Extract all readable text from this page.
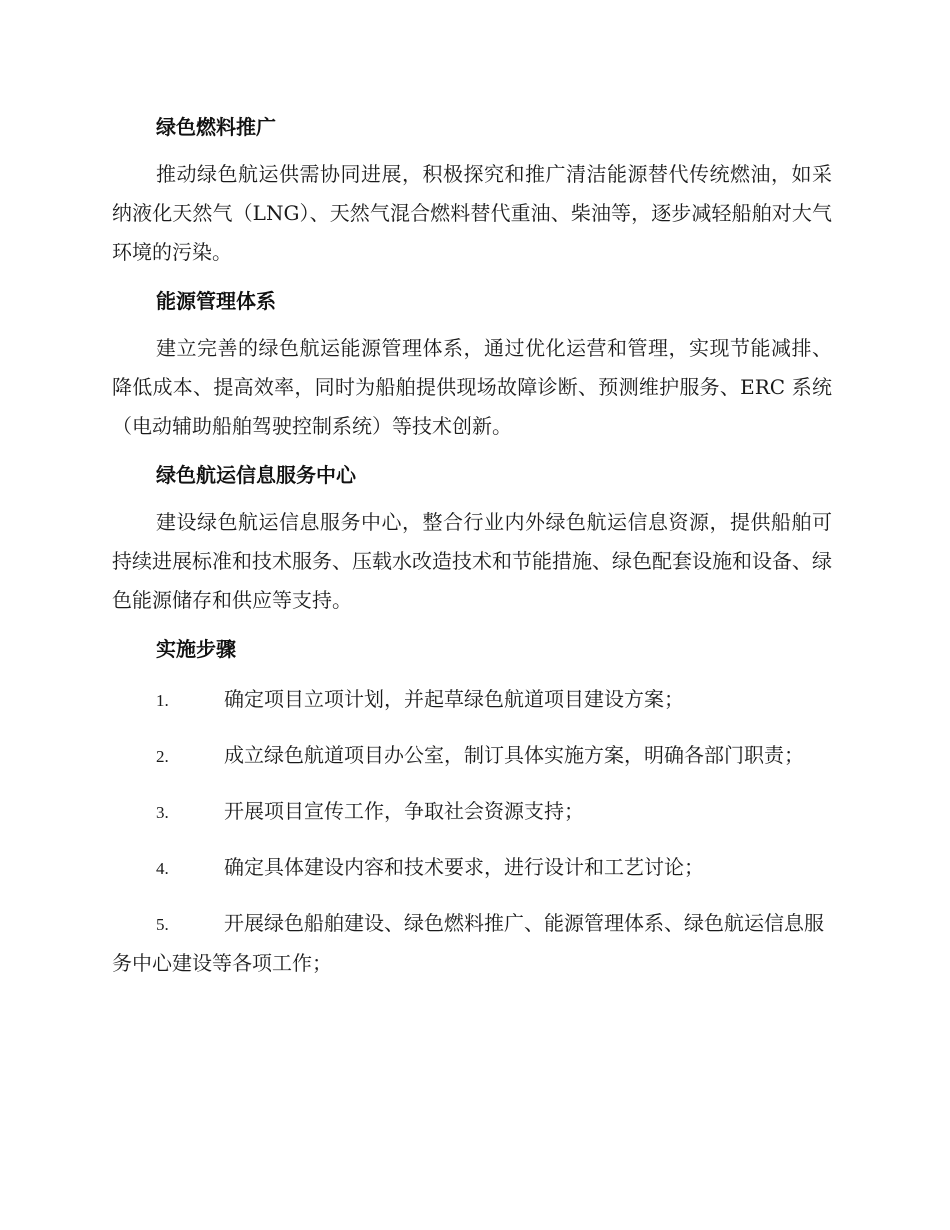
绿色燃料推广

推动绿色航运供需协同进展，积极探究和推广清洁能源替代传统燃油，如采纳液化天然气（LNG）、天然气混合燃料替代重油、柴油等，逐步减轻船舶对大气环境的污染。

能源管理体系

建立完善的绿色航运能源管理体系，通过优化运营和管理，实现节能减排、降低成本、提高效率，同时为船舶提供现场故障诊断、预测维护服务、ERC 系统（电动辅助船舶驾驶控制系统）等技术创新。

绿色航运信息服务中心

建设绿色航运信息服务中心，整合行业内外绿色航运信息资源，提供船舶可持续进展标准和技术服务、压载水改造技术和节能措施、绿色配套设施和设备、绿色能源储存和供应等支持。

实施步骤
1.	确定项目立项计划，并起草绿色航道项目建设方案；
2.	成立绿色航道项目办公室，制订具体实施方案，明确各部门职责；
3.	开展项目宣传工作，争取社会资源支持；
4.	确定具体建设内容和技术要求，进行设计和工艺讨论；
5.	开展绿色船舶建设、绿色燃料推广、能源管理体系、绿色航运信息服务中心建设等各项工作；
